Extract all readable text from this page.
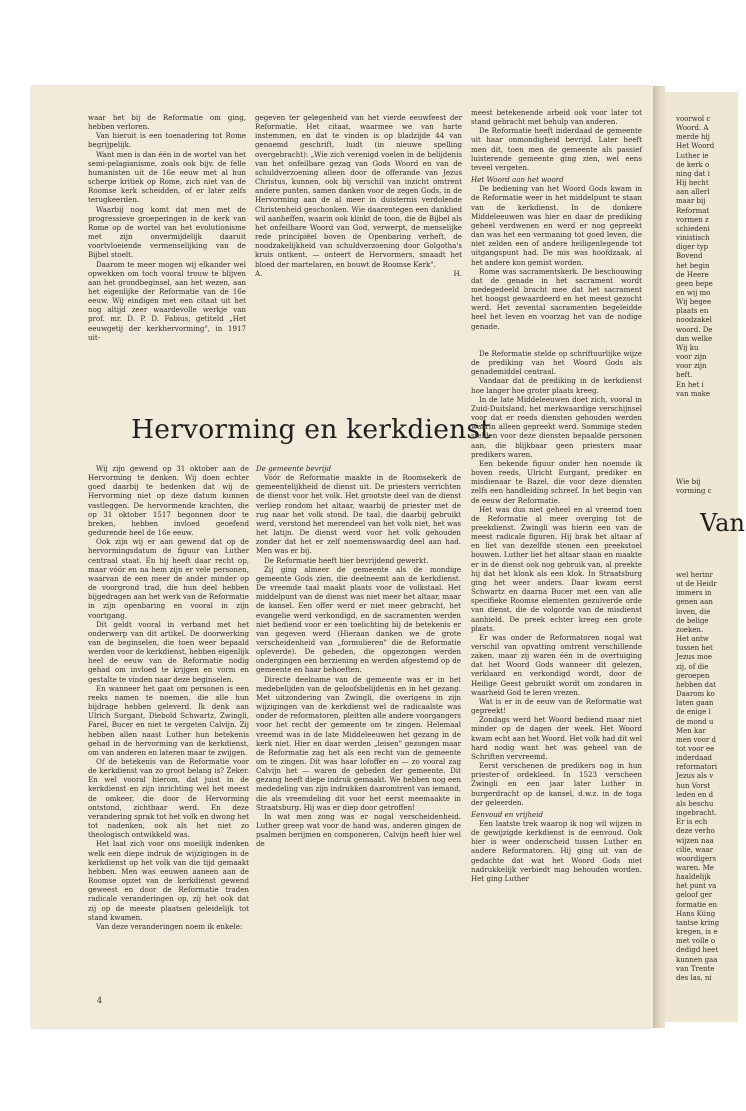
waar het bij de Reformatie om ging, hebben verloren.

Van hieruit is een toenadering tot Rome begrijpelijk.

Want men is dan één in de wortel van het semi-pelagianisme, zoals ook bijv. de felle humanisten uit de 16e eeuw met al hun scherpe kritiek op Rome, zich niet van de Roomse kerk scheidden, of er later zelfs terugkeerden.

Waarbij nog komt dat men met de progressieve groeperingen in de kerk van Rome op de wortel van het evolutionisme met zijn onvermijdelijk daaruit voortvloeiende vermenselijking van de Bijbel stoelt.

Daarom te meer mogen wij elkander wel opwekken om toch vooral trouw te blijven aan het grondbeginsel, aan het wezen, aan het eigenlijke der Reformatie van de 16e eeuw. Wij eindigen met een citaat uit het nog altijd zeer waardevolle werkje van prof. mr. D. P. D. Fabius, getiteld „Het eeuwgetij der kerkhervorming", in 1917 uit-

gegeven ter gelegenheid van het vierde eeuwfeest der Reformatie. Het citaat, waarmee we van harte instemmen, en dat te vinden is op bladzijde 44 van genoemd geschrift, luidt (in nieuwe spelling overgebracht): „Wie zich verenigd voelen in de belijdenis van het onfeilbare gezag van Gods Woord en van de schuldverzoening alleen door de offerande van Jezus Christus, kunnen, ook bij verschil van inzicht omtrent andere punten, samen danken voor de zegen Gods, in de Hervorming aan de al meer in duisternis verdolende Christenheid geschonken. Wie daarentegen een danklied wil aanheffen, waarin ook klinkt de toon, die de Bijbel als het onfeilbare Woord van God, verwerpt, de menselijke rede principiëel boven de Openbaring verheft, de noodzakelijkheid van schuldverzoening door Golgotha's kruis ontkent, — onteert de Hervormers, smaadt het bloed der martelaren, en bouwt de Roomse Kerk".

A.	H.

meest betekenende arbeid ook voor later tot stand gebracht met behulp van anderen.

De Reformatie heeft inderdaad de gemeente uit haar onmondigheid bevrijd. Later heeft men dit, toen men de gemeente als passief luisterende gemeente ging zien, wel eens teveel vergeten.

Het Woord aan het woord

De bediening van het Woord Gods kwam in de Reformatie weer in het middelpunt te staan van de kerkdienst. In de donkere Middeleeuwen was hier en daar de prediking geheel verdwenen en werd er nog gepreekt dan was het een vermaning tot goed leven, die niet zelden een of andere heiligenlegende tot uitgangspunt had. De mis was hoofdzaak, al het andere kon gemist worden.

Rome was sacramentskerk. De beschouwing dat de genade in het sacrament wordt medegedeeld bracht mee dat het sacrament het hoogst gewaardeerd en het meest gezocht werd. Het zevental sacramenten begeleidde heel het leven en voorzag het van de nodige genade.

Hervorming en kerkdienst

Wij zijn gewend op 31 oktober aan de Hervorming te denken. Wij doen echter goed daarbij te bedenken dat wij de Hervorming niet op deze datum kunnen vastleggen. De hervormende krachten, die op 31 oktober 1517 begonnen door te breken, hebben invloed geoefend gedurende heel de 16e eeuw.

Ook zijn wij er aan gewend dat op de hervormingsdatum de figuur van Luther centraal staat. En hij heeft daar recht op, maar vóór en na hem zijn er vele personen, waarvan de een meer de ander minder op de voorgrond trad, die hun deel hebben bijgedragen aan het werk van de Reformatie in zijn openbaring en vooral in zijn voortgang.

Dit geldt vooral in verband met het onderwerp van dit artikel. De doorwerking van de beginselen, die toen weer bepaald werden voor de kerkdienst, hebben eigenlijk heel de eeuw van de Reformatie nodig gehad om invloed te krijgen en vorm en gestalte te vinden naar deze beginselen.

En wanneer het gaat om personen is een reeks namen te noemen, die alle hun bijdrage hebben geleverd. Ik denk aan Ulrich Surgant, Diebold Schwartz, Zwingli, Farel, Bucer en niet te vergeten Calvijn. Zij hebben allen naast Luther hun betekenis gehad in de hervorming van de kerkdienst, om van anderen en lateren maar te zwijgen.

Of de betekenis van de Reformatie voor de kerkdienst van zo groot belang is? Zeker. En wel vooral hierom, dat juist in de kerkdienst en zijn inrichting wel het meest de omkeer, die door de Hervorming ontstond, zichtbaar werd. En deze verandering sprak tot het volk en dwong het tot nadenken, ook als het niet zo theologisch ontwikkeld was.

Het laat zich voor ons moeilijk indenken welk een diepe indruk de wijzigingen in de kerkdienst op het volk van die tijd gemaakt hebben. Men was eeuwen aaneen aan de Roomse opzet van de kerkdienst gewend geweest en door de Reformatie traden radicale veranderingen op, zij het ook dat zij op de meeste plaatsen geleidelijk tot stand kwamen.

Van deze veranderingen noem ik enkele:

De gemeente bevrijd

Vóór de Reformatie maakte in de Roomsekerk de gemeentelijkheid de dienst uit. De priesters verrichten de dienst voor het volk. Het grootste deel van de dienst verliep rondom het altaar, waarbij de priester met de rug naar het volk stond. De taal, die daarbij gebruikt werd, verstond het merendeel van het volk niet, het was het latijn. De dienst werd voor het volk gehouden zonder dat het er zelf noemenswaardig deel aan had. Men was er bij.

De Reformatie heeft hier bevrijdend gewerkt.

Zij ging almeer de gemeente als de mondige gemeente Gods zien, die deelneemt aan de kerkdienst. De vreemde taal maakt plaats voor de volkstaal. Het middelpunt van de dienst was niet meer het altaar, maar de kansel. Een offer werd er niet meer gebracht, het evangelie werd verkondigd, en de sacramenten werden niet bediend voor er een toelichting bij de betekenis er van gegeven werd (Hieraan danken we de grote verscheidenheid van „formulieren" die de Reformatie opleverde). De gebeden, die opgezongen werden ondergingen een herziening en werden afgestemd op de gemeente en haar behoeften.

Directe deelname van de gemeente was er in het medebelijden van de geloofsbelijdenis en in het gezang. Met uitzondering van Zwingli, die overigens in zijn wijzigingen van de kerkdienst wel de radicaalste was onder de reformatoren, pleitten alle andere voorgangers voor het recht der gemeente om te zingen. Helemaal vreemd was in de late Middeleeuwen het gezang in de kerk niet. Hier en daar werden „leisen" gezongen maar de Reformatie zag het als een recht van de gemeente om te zingen. Dit was haar lofoffer en — zo vooral zag Calvijn het — waren de gebeden der gemeente. Dit gezang heeft diepe indruk gemaakt. We hebben nog een mededeling van zijn indrukken daaromtrent van iemand, die als vreemdeling dit voor het eerst meemaakte in Straatsburg. Hij was er diep door getroffen!

In wat men zong was er nogal verscheidenheid. Luther greep wat voor de hand was, anderen gingen de psalmen berijmen en componeren, Calvijn heeft hier wel de

De Reformatie stelde op schriftuurlijke wijze de prediking van het Woord Gods als genademiddel centraal.

Vandaar dat de prediking in de kerkdienst hoe langer hoe groter plaats kreeg.

In de late Middeleeuwen doet zich, vooral in Zuid-Duitsland, het merkwaardige verschijnsel voor dat er reeds diensten gehouden werden waarin alleen gepreekt werd. Sommige steden stelden voor deze diensten bepaalde personen aan, die blijkbaar geen priesters maar predikers waren.

Een bekende figuur onder hen noemde ik boven reeds, Ulricht Eurgant, prediker en misdienaar te Bazel, die voor deze diensten zelfs een handleiding schreef. In het begin van de eeuw der Reformatie.

Het was dus niet geheel en al vreemd toen de Reformatie al meer overging tot de preekdienst. Zwingli was hierin een van de meest radicale figuren. Hij brak het altaar af en liet van dezelfde stenen een preekstoel bouwen. Luther liet het altaar staan en maakte er in de dienst ook nog gebruik van, al preekte hij dat het klonk als een klok. In Straatsburg ging het weer anders. Daar kwam eerst Schwartz en daarna Bucer met een van alle specifieke Roomse elementen gezuiverde orde van dienst, die de volgorde van de misdienst aanhield. De preek echter kreeg een grote plaats.

Er was onder de Reformatoren nogal wat verschil van opvatting omtrent verschillende zaken, maar zij waren één in de overtuiging dat het Woord Gods wanneer dit gelezen, verklaard en verkondigd wordt, door de Heilige Geest gebruikt wordt om zondaren in waarheid God te leren vrezen.

Wat is er in de eeuw van de Reformatie wat gepreekt!

Zondags werd het Woord bediend maar niet minder op de dagen der week. Het Woord kwam echt aan het Woord. Het volk had dit wel hard nodig want het was geheel van de Schriften vervreemd.

Eerst verschenen de predikers nog in hun priester-of ordekleed. In 1523 verscheen Zwingli en een jaar later Luther in burgerdracht op de kansel, d.w.z. in de toga der geleerden.

Eenvoud en vrijheid

Een laatste trek waarop ik nog wil wijzen in de gewijzigde kerkdienst is de eenvoud. Ook hier is weer onderscheid tussen Luther en andere Reformatoren. Hij ging uit van de gedachte dat wat het Woord Gods niet nadrukkelijk verbiedt mag behouden worden. Het ging Luther

4
voorwol c
Woord. A
merde hij
Het Woord
Luther ie
de kerk o
ning dat i
Hij hecht
aan allerl
maar bij
Reformat
vormen z
schiedeni
vinistisch
diger typ
Bovend
het begin
de Heere
geen bepe
en wij mo
Wij begee
plaats en
noodzakel
woord. De
dan welke
Wij ku
voor zijn
voor zijn
heft.
En het i
van make
Van
Wie bij
vorming c
wel herinr
ut de Heidr
immers in
genen aan
loven, die
de belige
zoeken.
Het antw
tussen het
Jezus moe
zij, of die
geroepen
hebben dat
Daarom ko
laten gaan
de enige l
de mond u
Men kar
men voor d
tot voor ee
inderdaad
reformatori
Jezus als v
hun Vorst
leden en d
als beschu
ingebracht.
Er is ech
deze verho
wijzen naa
cilie, waar
woordigers
waren. Me
haaldelijk
het punt va
geloof ger
formatie en
Hans Küng
tantse kring
kregen, is e
met volle o
dedigd heet
kunnen gaa
van Trente
des las, ni
